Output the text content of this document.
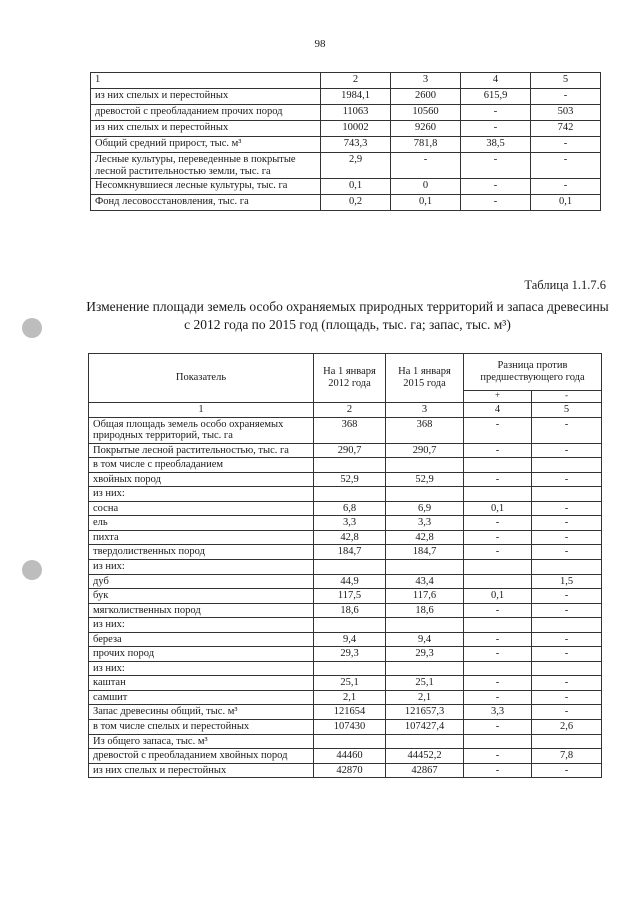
98
1	2	3	4	5
из них спелых и перестойных	1984,1	2600	615,9	-
древостой с преобладанием прочих пород	11063	10560	-	503
из них спелых и перестойных	10002	9260	-	742
Общий средний прирост, тыс. м³	743,3	781,8	38,5	-
Лесные культуры, переведенные в покрытые лесной растительностью земли, тыс. га	2,9	-	-	-
Несомкнувшиеся лесные культуры, тыс. га	0,1	0	-	-
Фонд лесовосстановления, тыс. га	0,2	0,1	-	0,1
Таблица 1.1.7.6
Изменение площади земель особо охраняемых природных территорий и запаса древесины с 2012 года по 2015 год (площадь, тыс. га; запас, тыс. м³)
Показатель	На 1 января 2012 года	На 1 января 2015 года	Разница против предшествующего года	
			+	-
1	2	3	4	5
Общая площадь земель особо охраняемых природных территорий, тыс. га	368	368	-	-
Покрытые лесной растительностью, тыс. га	290,7	290,7	-	-
в том числе с преобладанием				
хвойных пород	52,9	52,9	-	-
из них:				
сосна	6,8	6,9	0,1	-
ель	3,3	3,3	-	-
пихта	42,8	42,8	-	-
твердолиственных пород	184,7	184,7	-	-
из них:				
дуб	44,9	43,4		1,5
бук	117,5	117,6	0,1	-
мягколиственных пород	18,6	18,6	-	-
из них:				
береза	9,4	9,4	-	-
прочих пород	29,3	29,3	-	-
из них:				
каштан	25,1	25,1	-	-
самшит	2,1	2,1	-	-
Запас древесины общий, тыс. м³	121654	121657,3	3,3	-
в том числе спелых и перестойных	107430	107427,4	-	2,6
Из общего запаса, тыс. м³				
древостой с преобладанием хвойных пород	44460	44452,2	-	7,8
из них спелых и перестойных	42870	42867	-	-
